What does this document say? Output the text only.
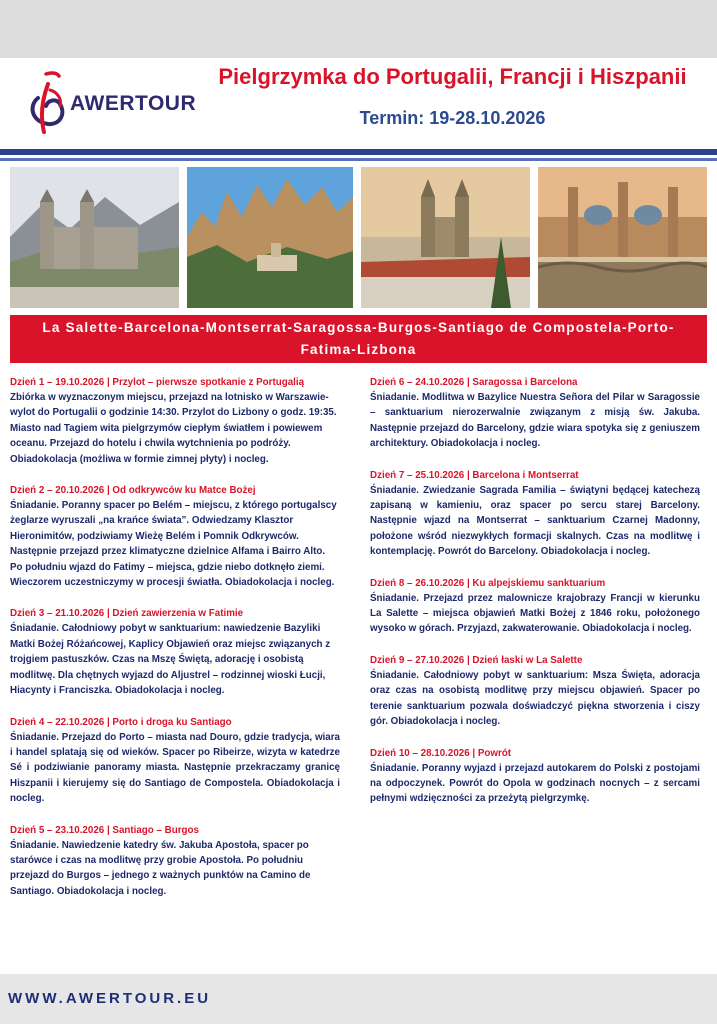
AWERTOUR
Pielgrzymka do Portugalii, Francji i Hiszpanii
Termin: 19-28.10.2026
La Salette-Barcelona-Montserrat-Saragossa-Burgos-Santiago de Compostela-Porto-
Fatima-Lizbona

Dzień 1 – 19.10.2026 | Przylot – pierwsze spotkanie z Portugalią

Zbiórka w wyznaczonym miejscu, przejazd na lotnisko w Warszawie- wylot do Portugalii o godzinie 14:30. Przylot do Lizbony o godz. 19:35. Miasto nad Tagiem wita pielgrzymów ciepłym światłem i powiewem oceanu. Przejazd do hotelu i chwila wytchnienia po podróży. Obiadokolacja (możliwa w formie zimnej płyty) i nocleg.

Dzień 2 – 20.10.2026 | Od odkrywców ku Matce Bożej

Śniadanie. Poranny spacer po Belém – miejscu, z którego portugalscy żeglarze wyruszali „na krańce świata”. Odwiedzamy Klasztor Hieronimitów, podziwiamy Wieżę Belém i Pomnik Odkrywców. Następnie przejazd przez klimatyczne dzielnice Alfama i Bairro Alto. Po południu wjazd do Fatimy – miejsca, gdzie niebo dotknęło ziemi. Wieczorem uczestniczymy w procesji światła. Obiadokolacja i nocleg.

Dzień 3 – 21.10.2026 | Dzień zawierzenia w Fatimie

Śniadanie. Całodniowy pobyt w sanktuarium: nawiedzenie Bazyliki Matki Bożej Różańcowej, Kaplicy Objawień oraz miejsc związanych z trojgiem pastuszków. Czas na Mszę Świętą, adorację i osobistą modlitwę. Dla chętnych wyjazd do Aljustrel – rodzinnej wioski Łucji, Hiacynty i Franciszka. Obiadokolacja i nocleg.

Dzień 4 – 22.10.2026 | Porto i droga ku Santiago

Śniadanie. Przejazd do Porto – miasta nad Douro, gdzie tradycja, wiara i handel splatają się od wieków. Spacer po Ribeirze, wizyta w katedrze Sé i podziwianie panoramy miasta. Następnie przekraczamy granicę Hiszpanii i kierujemy się do Santiago de Compostela. Obiadokolacja i nocleg.

Dzień 5 – 23.10.2026 | Santiago – Burgos

Śniadanie. Nawiedzenie katedry św. Jakuba Apostoła, spacer po starówce i czas na modlitwę przy grobie Apostoła. Po południu przejazd do Burgos – jednego z ważnych punktów na Camino de Santiago. Obiadokolacja i nocleg.

Dzień 6 – 24.10.2026 | Saragossa i Barcelona

Śniadanie. Modlitwa w Bazylice Nuestra Señora del Pilar w Saragossie – sanktuarium nierozerwalnie związanym z misją św. Jakuba. Następnie przejazd do Barcelony, gdzie wiara spotyka się z geniuszem architektury. Obiadokolacja i nocleg.

Dzień 7 – 25.10.2026 | Barcelona i Montserrat

Śniadanie. Zwiedzanie Sagrada Familia – świątyni będącej katechezą zapisaną w kamieniu, oraz spacer po sercu starej Barcelony. Następnie wjazd na Montserrat – sanktuarium Czarnej Madonny, położone wśród niezwykłych formacji skalnych. Czas na modlitwę i kontemplację. Powrót do Barcelony. Obiadokolacja i nocleg.

Dzień 8 – 26.10.2026 | Ku alpejskiemu sanktuarium

Śniadanie. Przejazd przez malownicze krajobrazy Francji w kierunku La Salette – miejsca objawień Matki Bożej z 1846 roku, położonego wysoko w górach. Przyjazd, zakwaterowanie. Obiadokolacja i nocleg.

Dzień 9 – 27.10.2026 | Dzień łaski w La Salette

Śniadanie. Całodniowy pobyt w sanktuarium: Msza Święta, adoracja oraz czas na osobistą modlitwę przy miejscu objawień. Spacer po terenie sanktuarium pozwala doświadczyć piękna stworzenia i ciszy gór. Obiadokolacja i nocleg.

Dzień 10 – 28.10.2026 | Powrót

Śniadanie. Poranny wyjazd i przejazd autokarem do Polski z postojami na odpoczynek. Powrót do Opola w godzinach nocnych – z sercami pełnymi wdzięczności za przeżytą pielgrzymkę.

WWW.AWERTOUR.EU
